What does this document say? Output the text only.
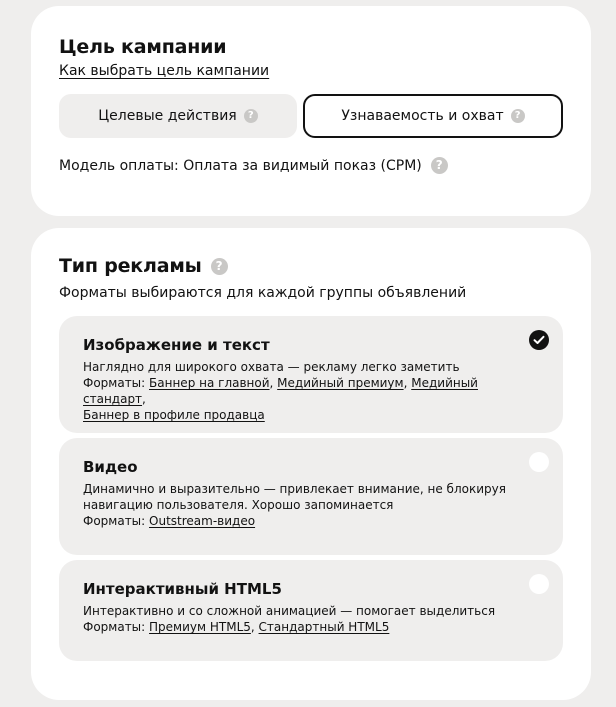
Цель кампании
Как выбрать цель кампании
Целевые действия	?	Узнаваемость и охват	?
Модель оплаты: Оплата за видимый показ (CPM)	?
Тип рекламы	?
Форматы выбираются для каждой группы объявлений
Изображение и текст
Наглядно для широкого охвата — рекламу легко заметить
Форматы: Баннер на главной, Медийный премиум, Медийный стандарт,
Баннер в профиле продавца
Видео
Динамично и выразительно — привлекает внимание, не блокируя навигацию пользователя. Хорошо запоминается
Форматы: Outstream-видео
Интерактивный HTML5
Интерактивно и со сложной анимацией — помогает выделиться
Форматы: Премиум HTML5, Стандартный HTML5
